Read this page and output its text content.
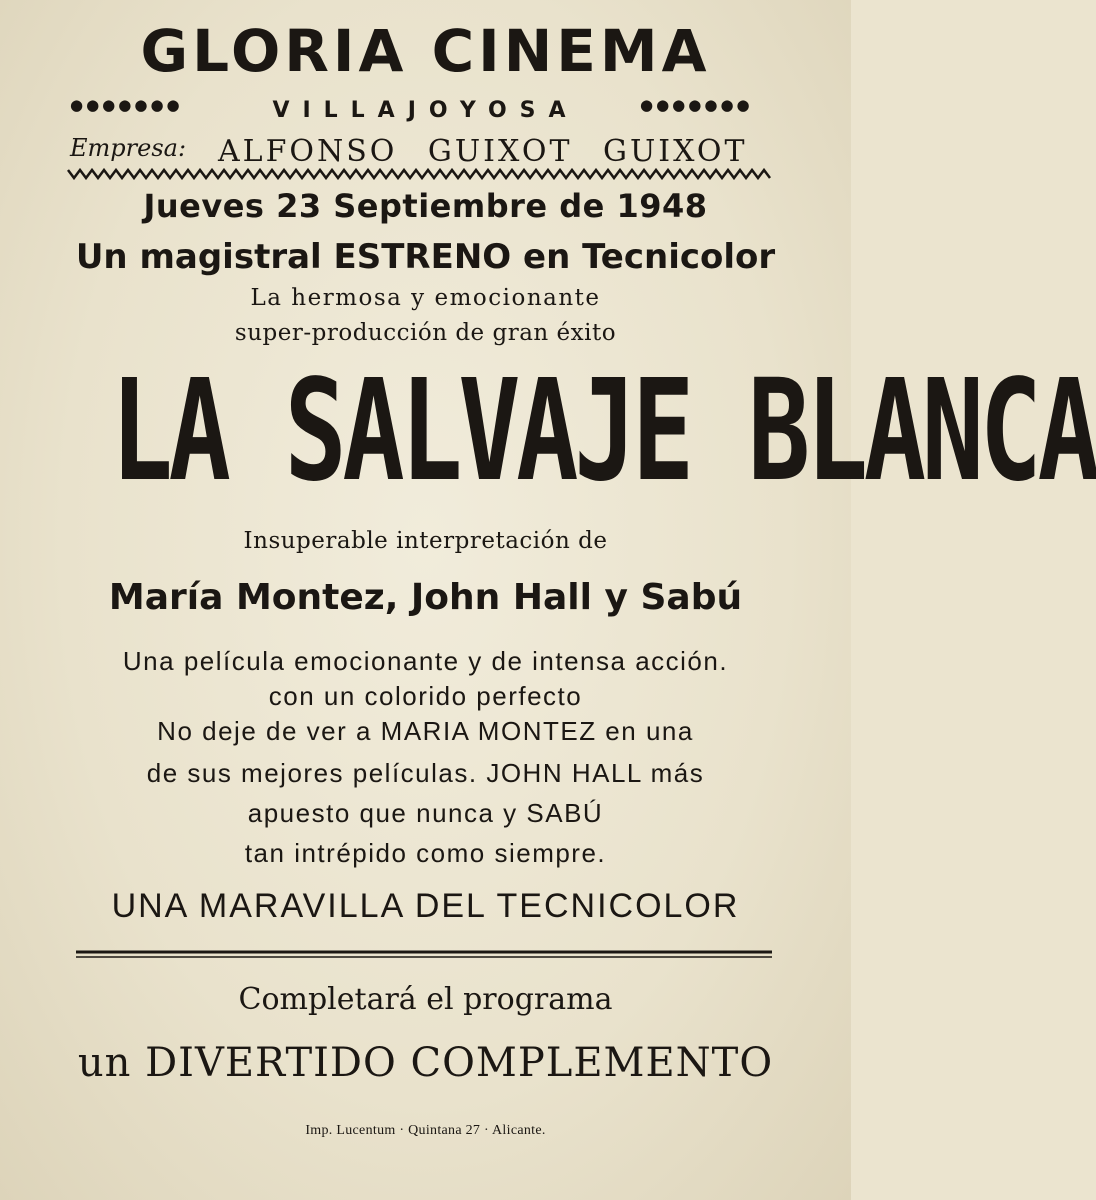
GLORIA CINEMA
●●●●●●●	VILLAJOYOSA	●●●●●●●
Empresa: ALFONSO GUIXOT GUIXOT
Jueves 23 Septiembre de 1948
Un magistral ESTRENO en Tecnicolor
La hermosa y emocionante
super-producción de gran éxito
LA SALVAJE BLANCA
Insuperable interpretación de
María Montez, John Hall y Sabú
Una película emocionante y de intensa acción.
con un colorido perfecto
No deje de ver a MARIA MONTEZ en una
de sus mejores películas. JOHN HALL más
apuesto que nunca y SABÚ
tan intrépido como siempre.
UNA MARAVILLA DEL TECNICOLOR
Completará el programa
un DIVERTIDO COMPLEMENTO
Imp. Lucentum · Quintana 27 · Alicante.
